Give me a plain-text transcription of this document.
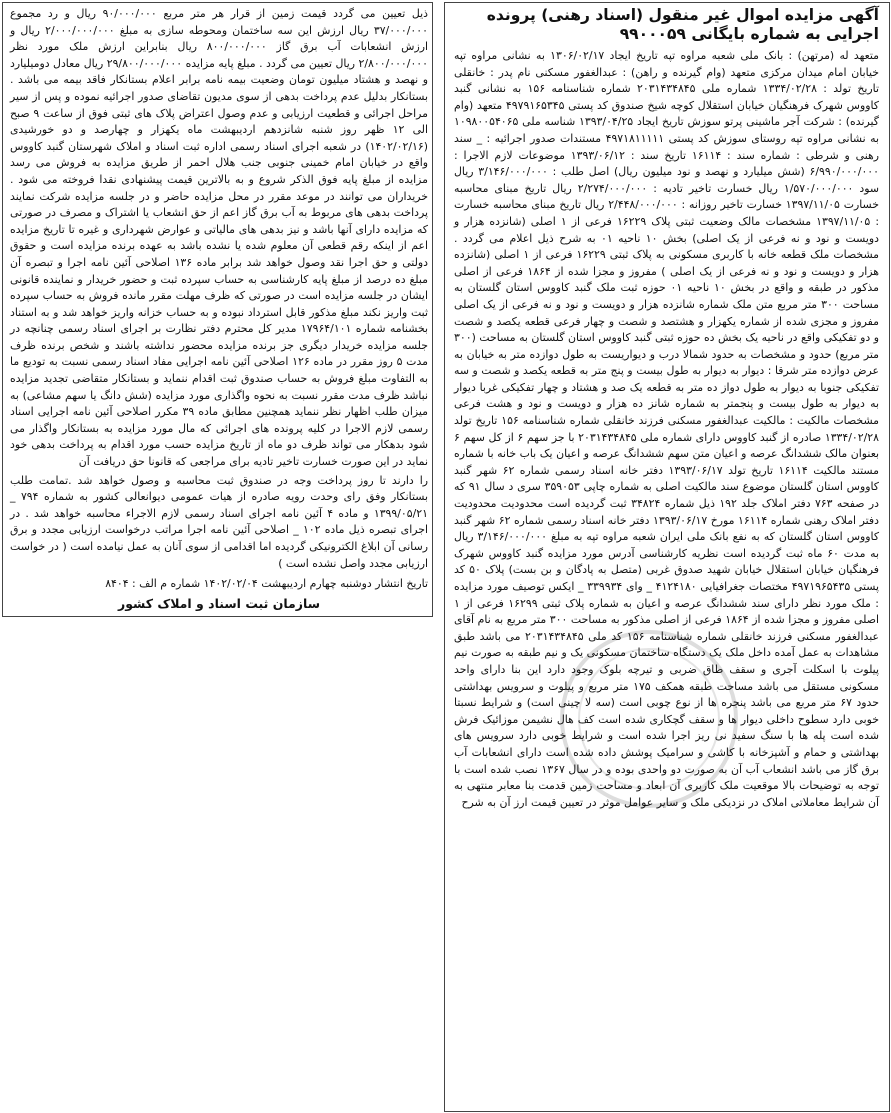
آگهی مزایده اموال غیر منقول (اسناد رهنی) پرونده اجرایی به شماره بایگانی ۹۹۰۰۰۵۹

متعهد له (مرتهن) : بانک ملی شعبه مراوه تپه تاریخ ایجاد ۱۳۰۶/۰۲/۱۷ به نشانی مراوه تپه خیابان امام میدان مرکزی متعهد (وام گیرنده و راهن) : عبدالغفور مسکنی نام پدر : خانقلی تاریخ تولد : ۱۳۳۴/۰۲/۲۸ شماره ملی ۲۰۳۱۴۳۴۸۴۵ شماره شناسنامه ۱۵۶ به نشانی گنبد کاووس شهرک فرهنگیان خیابان استقلال کوچه شیخ صندوق کد پستی ۴۹۷۹۱۶۵۳۴۵ متعهد (وام گیرنده) : شرکت آجر ماشینی پرتو سوزش تاریخ ایجاد ۱۳۹۳/۰۴/۲۵ شناسه ملی ۱۰۹۸۰۰۵۴۰۶۵ به نشانی مراوه تپه روستای سوزش کد پستی ۴۹۷۱۸۱۱۱۱۱ مستندات صدور اجرائیه : _ سند رهنی و شرطی : شماره سند : ۱۶۱۱۴ تاریخ سند : ۱۳۹۳/۰۶/۱۲ موضوعات لازم الاجرا : ۶/۹۹۰/۰۰۰/۰۰۰ (شش میلیارد و نهصد و نود میلیون ریال) اصل طلب : ۳/۱۴۶/۰۰۰/۰۰۰ ریال سود ۱/۵۷۰/۰۰۰/۰۰۰ ریال خسارت تاخیر تادیه : ۲/۲۷۴/۰۰۰/۰۰۰ ریال تاریخ مبنای محاسبه خسارت ۱۳۹۷/۱۱/۰۵ خسارت تاخیر روزانه : ۲/۴۴۸/۰۰۰/۰۰۰ ریال تاریخ مبنای محاسبه خسارت : ۱۳۹۷/۱۱/۰۵ مشخصات مالک وضعیت ثبتی پلاک ۱۶۲۲۹ فرعی از ۱ اصلی (شانزده هزار و دویست و نود و نه فرعی از یک اصلی) بخش ۱۰ ناحیه ۰۱ به شرح ذیل اعلام می گردد . مشخصات ملک قطعه خانه با کاربری مسکونی به پلاک ثبتی ۱۶۲۲۹ فرعی از ۱ اصلی (شانزده هزار و دویست و نود و نه فرعی از یک اصلی ) مفروز و مجزا شده از ۱۸۶۴ فرعی از اصلی مذکور در طبقه و واقع در بخش ۱۰ ناحیه ۰۱ حوزه ثبت ملک گنبد کاووس استان گلستان به مساحت ۳۰۰ متر مربع متن ملک شماره شانزده هزار و دویست و نود و نه فرعی از یک اصلی مفروز و مجزی شده از شماره یکهزار و هشتصد و شصت و چهار فرعی قطعه یکصد و شصت و دو تفکیکی واقع در ناحیه یک بخش ده حوزه ثبتی گنبد کاووس استان گلستان به مساحت (۳۰۰ متر مربع) حدود و مشخصات به حدود شمالا درب و دیواریست به طول دوازده متر به خیابان به عرض دوازده متر شرقا : دیوار به دیوار به طول بیست و پنج متر به قطعه یکصد و شصت و سه تفکیکی جنوبا به دیوار به طول دواز ده متر به قطعه یک صد و هشتاد و چهار تفکیکی غربا دیوار به دیوار به طول بیست و پنجمتر به شماره شانز ده هزار و دویست و نود و هشت فرعی مشخصات مالکیت : مالکیت عبدالغفور مسکنی فرزند خانقلی شماره شناسنامه ۱۵۶ تاریخ تولد ۱۳۳۴/۰۲/۲۸ صادره از گنبد کاووس دارای شماره ملی ۲۰۳۱۴۳۴۸۴۵ با جز سهم ۶ از کل سهم ۶ بعنوان مالک ششدانگ عرصه و اعیان متن سهم ششدانگ عرصه و اعیان یک باب خانه با شماره مستند مالکیت ۱۶۱۱۴ تاریخ تولد ۱۳۹۳/۰۶/۱۷ دفتر خانه اسناد رسمی شماره ۶۲ شهر گنبد کاووس استان گلستان موضوع سند مالکیت اصلی به شماره چاپی ۳۵۹۰۵۳ سری د سال ۹۱ که در صفحه ۷۶۳ دفتر املاک جلد ۱۹۲ ذیل شماره ۳۴۸۲۴ ثبت گردیده است محدودیت محدودیت دفتر املاک رهنی شماره ۱۶۱۱۴ مورخ ۱۳۹۳/۰۶/۱۷ دفتر خانه اسناد رسمی شماره ۶۲ شهر گنبد کاووس استان گلستان که به نفع بانک ملی ایران شعبه مراوه تپه به مبلغ ۳/۱۴۶/۰۰۰/۰۰۰ ریال به مدت ۶۰ ماه ثبت گردیده است نظریه کارشناسی آدرس مورد مزایده گنبد کاووس شهرک فرهنگیان خیابان استقلال خیابان شهید صدوق غربی (متصل به پادگان و بن بست) پلاک ۵۰ کد پستی ۴۹۷۱۹۶۵۴۳۵ مختصات جغرافیایی ۴۱۲۴۱۸۰ _ وای ۳۳۹۹۳۴ _ ایکس توصیف مورد مزایده : ملک مورد نظر دارای سند ششدانگ عرصه و اعیان به شماره پلاک ثبتی ۱۶۲۹۹ فرعی از ۱ اصلی مفروز و مجزا شده از ۱۸۶۴ فرعی از اصلی مذکور به مساحت ۳۰۰ متر مربع به نام آقای عبدالغفور مسکنی فرزند خانقلی شماره شناسنامه ۱۵۶ کد ملی ۲۰۳۱۴۳۴۸۴۵ می باشد طبق مشاهدات به عمل آمده داخل ملک یک دستگاه ساختمان مسکونی یک و نیم طبقه به صورت نیم پیلوت با اسکلت آجری و سقف طاق ضربی و تیرچه بلوک وجود دارد این بنا دارای واحد مسکونی مستقل می باشد مساحت طبقه همکف ۱۷۵ متر مربع و پیلوت و سرویس بهداشتی حدود ۶۷ متر مربع می باشد پنجره ها از نوع چوبی است (سه لا چینی است) و شرایط نسبتا خوبی دارد سطوح داخلی دیوار ها و سقف گچکاری شده است کف هال نشیمن موزائیک فرش شده است پله ها با سنگ سفید نی ریز اجرا شده است و شرایط خوبی دارد سرویس های بهداشتی و حمام و آشپزخانه با کاشی و سرامیک پوشش داده شده است دارای انشعابات آب برق گاز می باشد انشعاب آب آن به صورت دو واحدی بوده و در سال ۱۳۶۷ نصب شده است با توجه به توضیحات بالا موقعیت ملک کاربری آن ابعاد و مساحت زمین قدمت بنا معابر منتهی به آن شرایط معاملاتی املاک در نزدیکی ملک و سایر عوامل موثر در تعیین قیمت ارز آن به شرح

ذیل تعیین می گردد قیمت زمین از قرار هر متر مربع ۹۰/۰۰۰/۰۰۰ ریال و رد مجموع ۳۷/۰۰۰/۰۰۰ ریال ارزش این سه ساختمان ومحوطه سازی به مبلغ ۲/۰۰۰/۰۰۰/۰۰۰ ریال و ارزش انشعابات آب برق گاز ۸۰۰/۰۰۰/۰۰۰ ریال بنابراین ارزش ملک مورد نظر ۲/۸۰۰/۰۰۰/۰۰۰ ریال تعیین می گردد . مبلغ پایه مزایده ۲۹/۸۰۰/۰۰۰/۰۰۰ ریال معادل دومیلیارد و نهصد و هشتاد میلیون تومان وضعیت بیمه نامه برابر اعلام بستانکار فاقد بیمه می باشد . بستانکار بدلیل عدم پرداخت بدهی از سوی مدیون تقاضای صدور اجرائیه نموده و پس از سیر مراحل اجرائی و قطعیت ارزیابی و عدم وصول اعتراض پلاک های ثبتی فوق از ساعت ۹ صبح الی ۱۲ ظهر روز شنبه شانزدهم اردیبهشت ماه یکهزار و چهارصد و دو خورشیدی (۱۴۰۲/۰۲/۱۶) در شعبه اجرای اسناد رسمی اداره ثبت اسناد و املاک شهرستان گنبد کاووس واقع در خیابان امام خمینی جنوبی جنب هلال احمر از طریق مزایده به فروش می رسد مزایده از مبلغ پایه فوق الذکر شروع و به بالاترین قیمت پیشنهادی نقدا فروخته می شود . خریداران می توانند در موعد مقرر در محل مزایده حاضر و در جلسه مزایده شرکت نمایند پرداخت بدهی های مربوط به آب برق گاز اعم از حق انشعاب یا اشتراک و مصرف در صورتی که مزایده دارای آنها باشد و نیز بدهی های مالیاتی و عوارض شهرداری و غیره تا تاریخ مزایده اعم از اینکه رقم قطعی آن معلوم شده یا نشده باشد به عهده برنده مزایده است و حقوق دولتی و حق اجرا نقد وصول خواهد شد برابر ماده ۱۳۶ اصلاحی آئین نامه اجرا و تبصره آن مبلغ ده درصد از مبلغ پایه کارشناسی به حساب سپرده ثبت و حضور خریدار و نماینده قانونی ایشان در جلسه مزایده است در صورتی که ظرف مهلت مقرر مانده فروش به حساب سپرده ثبت واریز نکند مبلغ مذکور قابل استرداد نبوده و به حساب خزانه واریز خواهد شد و به استناد بخشنامه شماره ۱۷۹۶۴/۱۰۱ مدیر کل محترم دفتر نظارت بر اجرای اسناد رسمی چنانچه در جلسه مزایده خریدار دیگری جز برنده مزایده محضور نداشته باشند و شخص برنده ظرف مدت ۵ روز مقرر در ماده ۱۲۶ اصلاحی آئین نامه اجرایی مفاد اسناد رسمی نسبت به تودیع ما به التفاوت مبلغ فروش به حساب صندوق ثبت اقدام ننماید و بستانکار متقاضی تجدید مزایده نباشد ظرف مدت مقرر نسبت به نحوه واگذاری مورد مزایده (شش دانگ یا سهم مشاعی) به میزان طلب اظهار نظر ننماید همچنین مطابق ماده ۳۹ مکرر اصلاحی آئین نامه اجرایی اسناد رسمی لازم الاجرا در کلیه پرونده های اجرائی که مال مورد مزایده به بستانکار واگذار می شود بدهکار می تواند ظرف دو ماه از تاریخ مزایده حسب مورد اقدام به پرداخت بدهی خود نماید در این صورت خسارت تاخیر تادیه برای مراجعی که قانونا حق دریافت آن

را دارند تا روز پرداخت وجه در صندوق ثبت محاسبه و وصول خواهد شد .تمامت طلب بستانکار وفق رای وحدت رویه صادره از هیات عمومی دیوانعالی کشور به شماره ۷۹۴ _ ۱۳۹۹/۰۵/۲۱ و ماده ۴ آئین نامه اجرای اسناد رسمی لازم الاجراء محاسبه خواهد شد . در اجرای تبصره ذیل ماده ۱۰۲ _ اصلاحی آئین نامه اجرا مراتب درخواست ارزیابی مجدد و برق رسانی آن ابلاغ الکترونیکی گردیده اما اقدامی از سوی آنان به عمل نیامده است ( در خواست ارزیابی مجدد واصل نشده است )

تاریخ انتشار دوشنبه چهارم اردیبهشت ۱۴۰۲/۰۲/۰۴ شماره م الف : ۸۴۰۴

سازمان ثبت اسناد و املاک کشور
